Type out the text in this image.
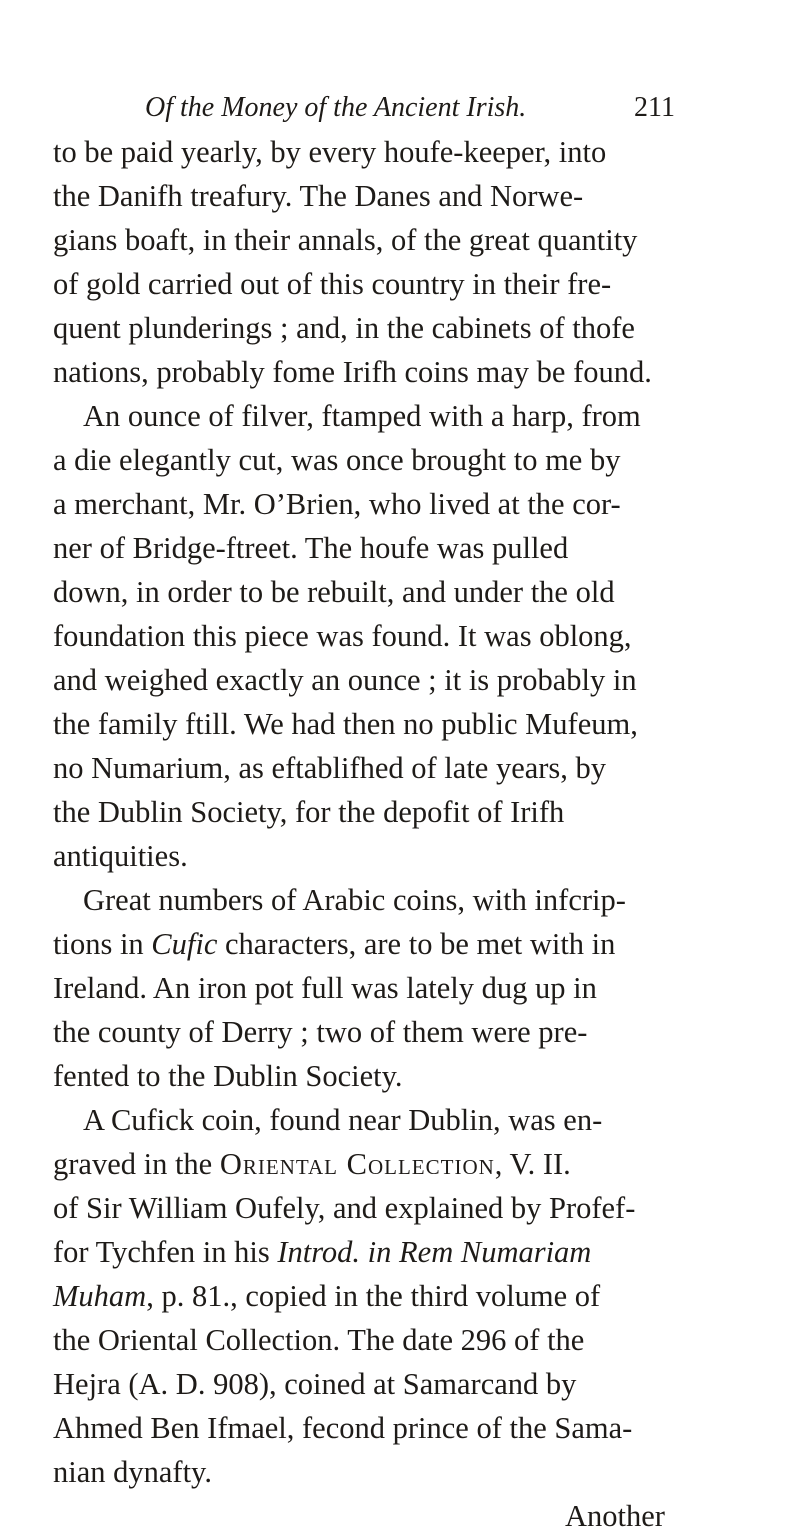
Of the Money of the Ancient Irish.	211
to be paid yearly, by every houfe-keeper, into
the Danifh treafury. The Danes and Norwe-
gians boaft, in their annals, of the great quantity
of gold carried out of this country in their fre-
quent plunderings ; and, in the cabinets of thofe
nations, probably fome Irifh coins may be found.
An ounce of filver, ftamped with a harp, from
a die elegantly cut, was once brought to me by
a merchant, Mr. O’Brien, who lived at the cor-
ner of Bridge-ftreet. The houfe was pulled
down, in order to be rebuilt, and under the old
foundation this piece was found. It was oblong,
and weighed exactly an ounce ; it is probably in
the family ftill. We had then no public Mufeum,
no Numarium, as eftablifhed of late years, by
the Dublin Society, for the depofit of Irifh
antiquities.
Great numbers of Arabic coins, with infcrip-
tions in Cufic characters, are to be met with in
Ireland. An iron pot full was lately dug up in
the county of Derry ; two of them were pre-
fented to the Dublin Society.
A Cufick coin, found near Dublin, was en-
graved in the Oriental Collection, V. II.
of Sir William Oufely, and explained by Profef-
for Tychfen in his Introd. in Rem Numariam
Muham, p. 81., copied in the third volume of
the Oriental Collection. The date 296 of the
Hejra (A. D. 908), coined at Samarcand by
Ahmed Ben Ifmael, fecond prince of the Sama-
nian dynafty.
Another
